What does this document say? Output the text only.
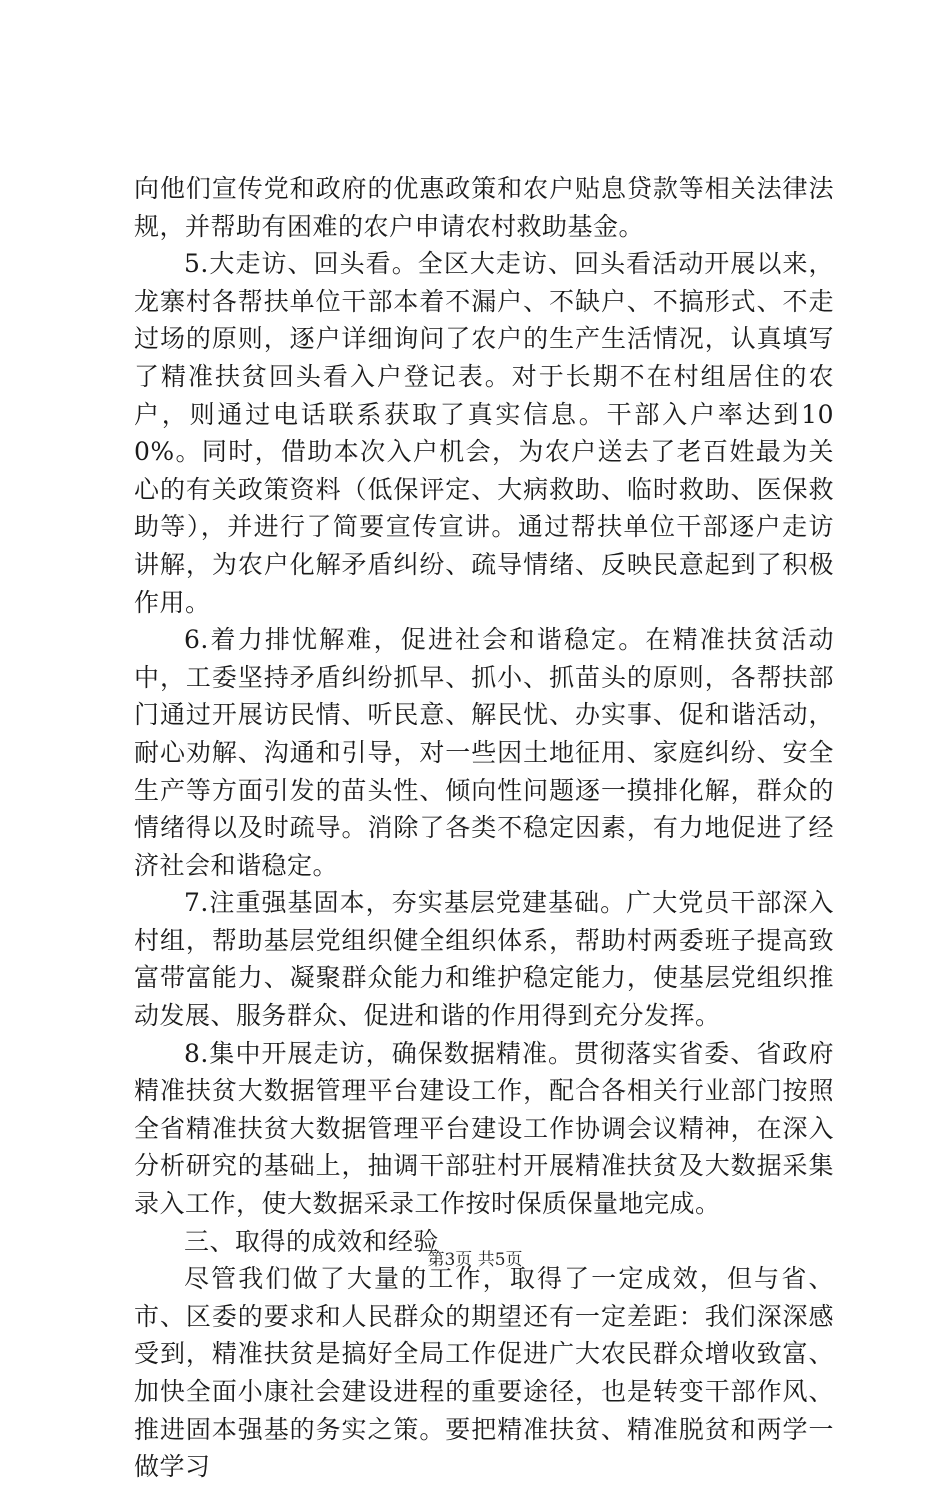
向他们宣传党和政府的优惠政策和农户贴息贷款等相关法律法规，并帮助有困难的农户申请农村救助基金。

5.大走访、回头看。全区大走访、回头看活动开展以来，龙寨村各帮扶单位干部本着不漏户、不缺户、不搞形式、不走过场的原则，逐户详细询问了农户的生产生活情况，认真填写了精准扶贫回头看入户登记表。对于长期不在村组居住的农户，则通过电话联系获取了真实信息。干部入户率达到100%。同时，借助本次入户机会，为农户送去了老百姓最为关心的有关政策资料（低保评定、大病救助、临时救助、医保救助等），并进行了简要宣传宣讲。通过帮扶单位干部逐户走访讲解，为农户化解矛盾纠纷、疏导情绪、反映民意起到了积极作用。

6.着力排忧解难，促进社会和谐稳定。在精准扶贫活动中，工委坚持矛盾纠纷抓早、抓小、抓苗头的原则，各帮扶部门通过开展访民情、听民意、解民忧、办实事、促和谐活动，耐心劝解、沟通和引导，对一些因土地征用、家庭纠纷、安全生产等方面引发的苗头性、倾向性问题逐一摸排化解，群众的情绪得以及时疏导。消除了各类不稳定因素，有力地促进了经济社会和谐稳定。

7.注重强基固本，夯实基层党建基础。广大党员干部深入村组，帮助基层党组织健全组织体系，帮助村两委班子提高致富带富能力、凝聚群众能力和维护稳定能力，使基层党组织推动发展、服务群众、促进和谐的作用得到充分发挥。

8.集中开展走访，确保数据精准。贯彻落实省委、省政府精准扶贫大数据管理平台建设工作，配合各相关行业部门按照全省精准扶贫大数据管理平台建设工作协调会议精神，在深入分析研究的基础上，抽调干部驻村开展精准扶贫及大数据采集录入工作，使大数据采录工作按时保质保量地完成。

三、取得的成效和经验

尽管我们做了大量的工作，取得了一定成效，但与省、市、区委的要求和人民群众的期望还有一定差距：我们深深感受到，精准扶贫是搞好全局工作促进广大农民群众增收致富、加快全面小康社会建设进程的重要途径，也是转变干部作风、推进固本强基的务实之策。要把精准扶贫、精准脱贫和两学一做学习

第3页 共5页
